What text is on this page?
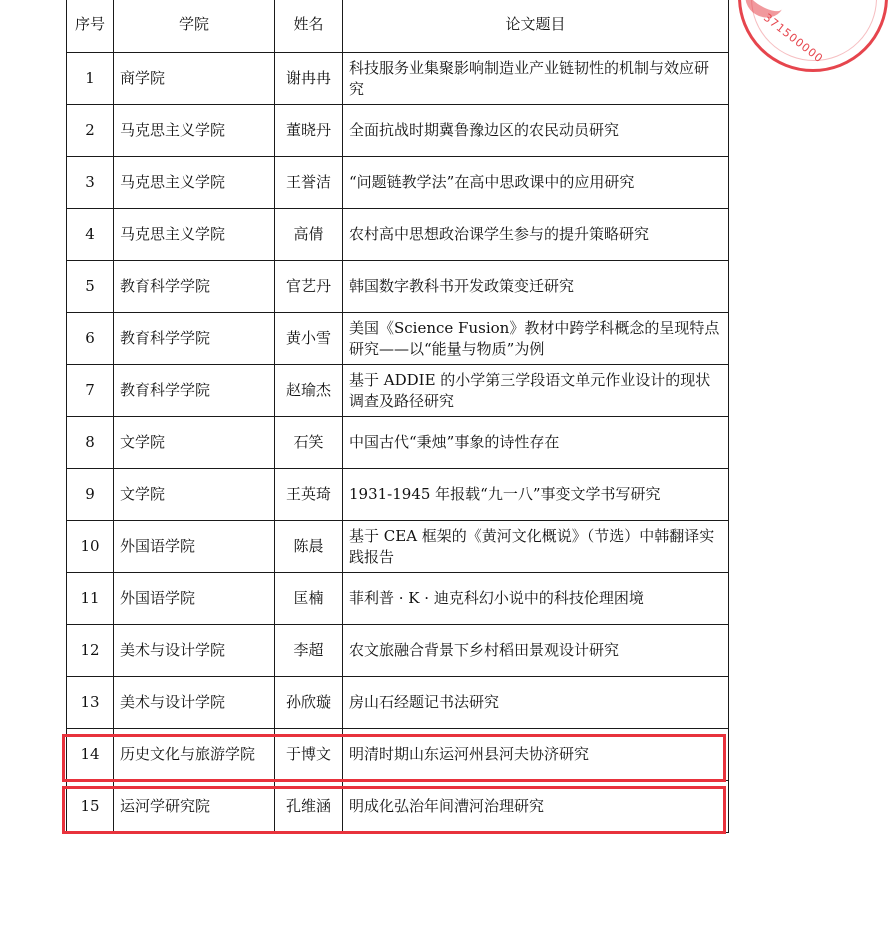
371500000
序号	学院	姓名	论文题目
1	商学院	谢冉冉	科技服务业集聚影响制造业产业链韧性的机制与效应研究
2	马克思主义学院	董晓丹	全面抗战时期冀鲁豫边区的农民动员研究
3	马克思主义学院	王誉洁	“问题链教学法”在高中思政课中的应用研究
4	马克思主义学院	高倩	农村高中思想政治课学生参与的提升策略研究
5	教育科学学院	官艺丹	韩国数字教科书开发政策变迁研究
6	教育科学学院	黄小雪	美国《Science Fusion》教材中跨学科概念的呈现特点研究——以“能量与物质”为例
7	教育科学学院	赵瑜杰	基于 ADDIE 的小学第三学段语文单元作业设计的现状调查及路径研究
8	文学院	石笑	中国古代“秉烛”事象的诗性存在
9	文学院	王英琦	1931-1945 年报载“九一八”事变文学书写研究
10	外国语学院	陈晨	基于 CEA 框架的《黄河文化概说》（节选）中韩翻译实践报告
11	外国语学院	匡楠	菲利普 · K · 迪克科幻小说中的科技伦理困境
12	美术与设计学院	李超	农文旅融合背景下乡村稻田景观设计研究
13	美术与设计学院	孙欣璇	房山石经题记书法研究
14	历史文化与旅游学院	于博文	明清时期山东运河州县河夫协济研究
15	运河学研究院	孔维涵	明成化弘治年间漕河治理研究
